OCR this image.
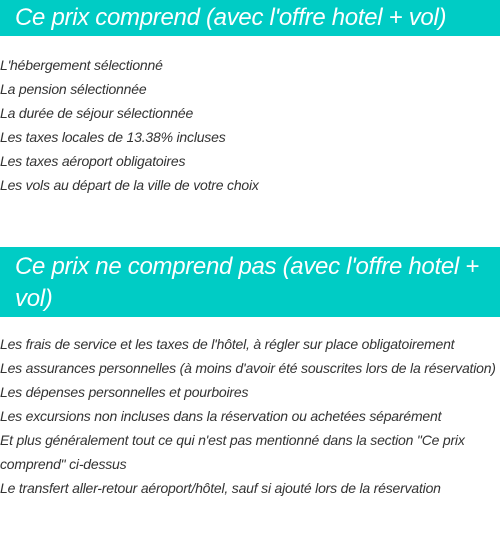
Ce prix comprend (avec l'offre hotel + vol)
L'hébergement sélectionné
La pension sélectionnée
La durée de séjour sélectionnée
Les taxes locales de 13.38% incluses
Les taxes aéroport obligatoires
Les vols au départ de la ville de votre choix
Ce prix ne comprend pas (avec l'offre hotel + vol)
Les frais de service et les taxes de l'hôtel, à régler sur place obligatoirement
Les assurances personnelles (à moins d'avoir été souscrites lors de la réservation)
Les dépenses personnelles et pourboires
Les excursions non incluses dans la réservation ou achetées séparément
Et plus généralement tout ce qui n'est pas mentionné dans la section "Ce prix comprend" ci-dessus
Le transfert aller-retour aéroport/hôtel, sauf si ajouté lors de la réservation
